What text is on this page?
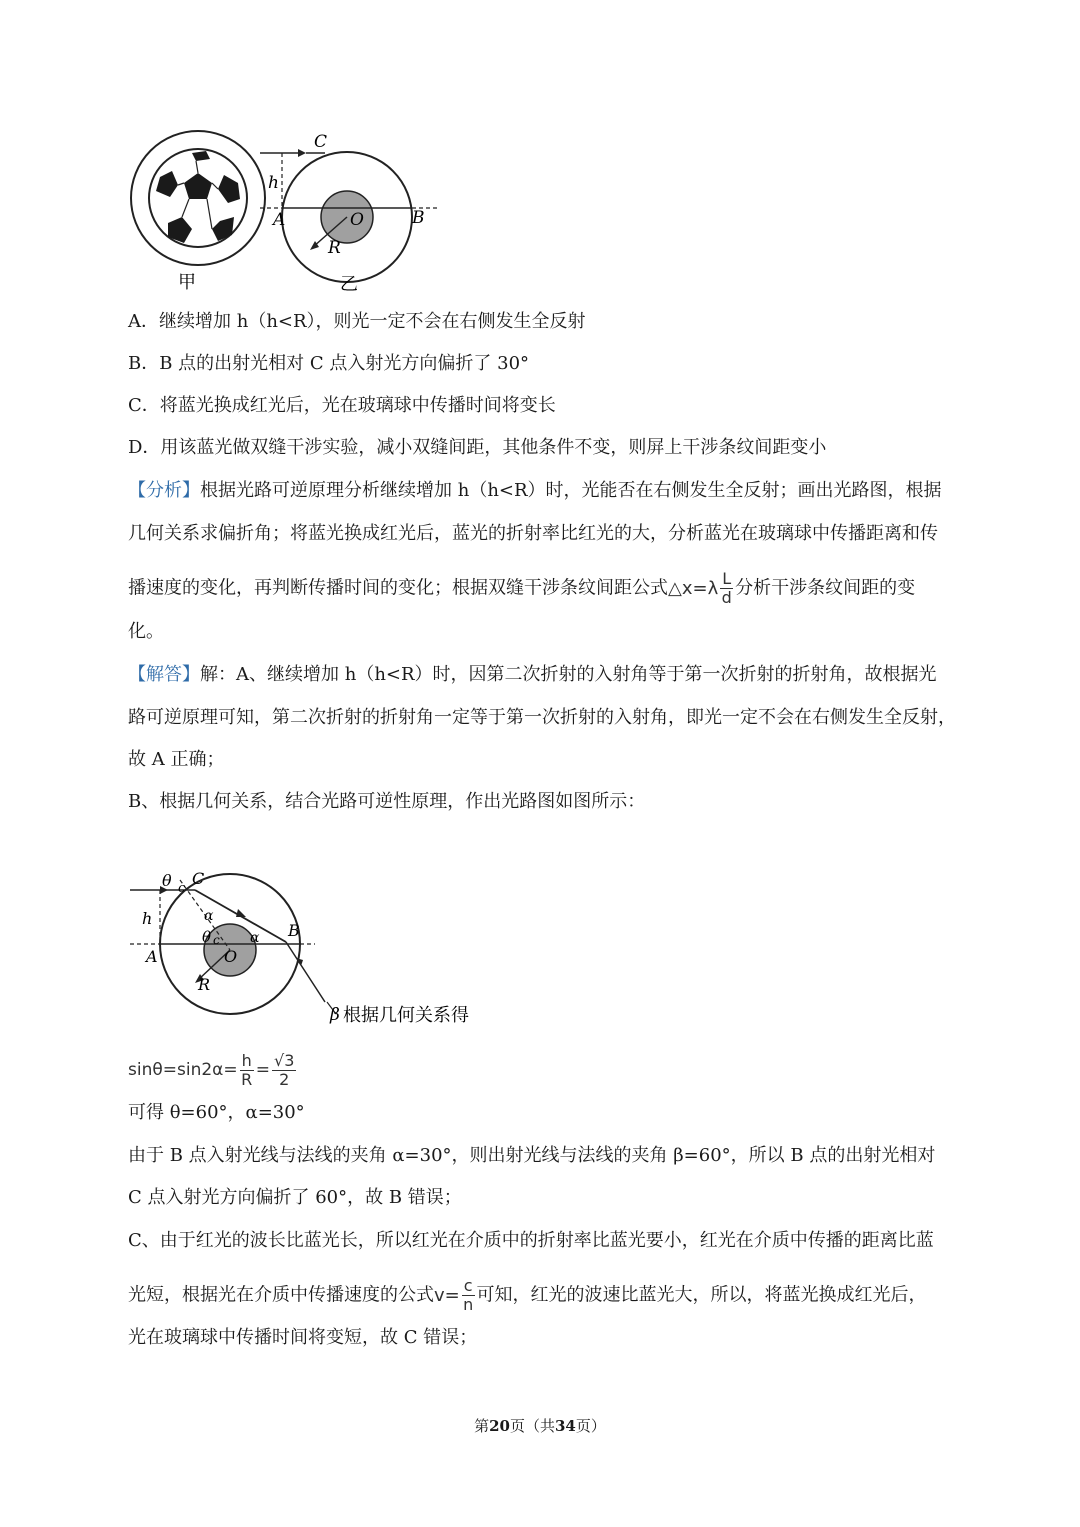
甲
C
h
A	O	B
R
乙
A．继续增加 h（h<R），则光一定不会在右侧发生全反射
B．B 点的出射光相对 C 点入射光方向偏折了 30°
C．将蓝光换成红光后，光在玻璃球中传播时间将变长
D．用该蓝光做双缝干涉实验，减小双缝间距，其他条件不变，则屏上干涉条纹间距变小
【分析】根据光路可逆原理分析继续增加 h（h<R）时，光能否在右侧发生全反射；画出光路图，根据
几何关系求偏折角；将蓝光换成红光后，蓝光的折射率比红光的大，分析蓝光在玻璃球中传播距离和传
播速度的变化，再判断传播时间的变化；根据双缝干涉条纹间距公式△x=λ $\frac{L}{d}$ 分析干涉条纹间距的变
化。
【解答】解：A、继续增加 h（h<R）时，因第二次折射的入射角等于第一次折射的折射角，故根据光
路可逆原理可知，第二次折射的折射角一定等于第一次折射的入射角，即光一定不会在右侧发生全反射，
故 A 正确；
B、根据几何关系，结合光路可逆性原理，作出光路图如图所示：
θ c
C
h	α
θ c α B
A	O
R
β 根据几何关系得
$\sin\theta=\sin 2\alpha= \frac{h}{R} = \frac{√3}{2}$
可得 θ=60°，α=30°
由于 B 点入射光线与法线的夹角 α=30°，则出射光线与法线的夹角 β=60°，所以 B 点的出射光相对
C 点入射光方向偏折了 60°，故 B 错误；
C、由于红光的波长比蓝光长，所以红光在介质中的折射率比蓝光要小，红光在介质中传播的距离比蓝
光短，根据光在介质中传播速度的公式$v= \frac{c}{n}$ 可知，红光的波速比蓝光大，所以，将蓝光换成红光后，
光在玻璃球中传播时间将变短，故 C 错误；
第20页（共34页）
